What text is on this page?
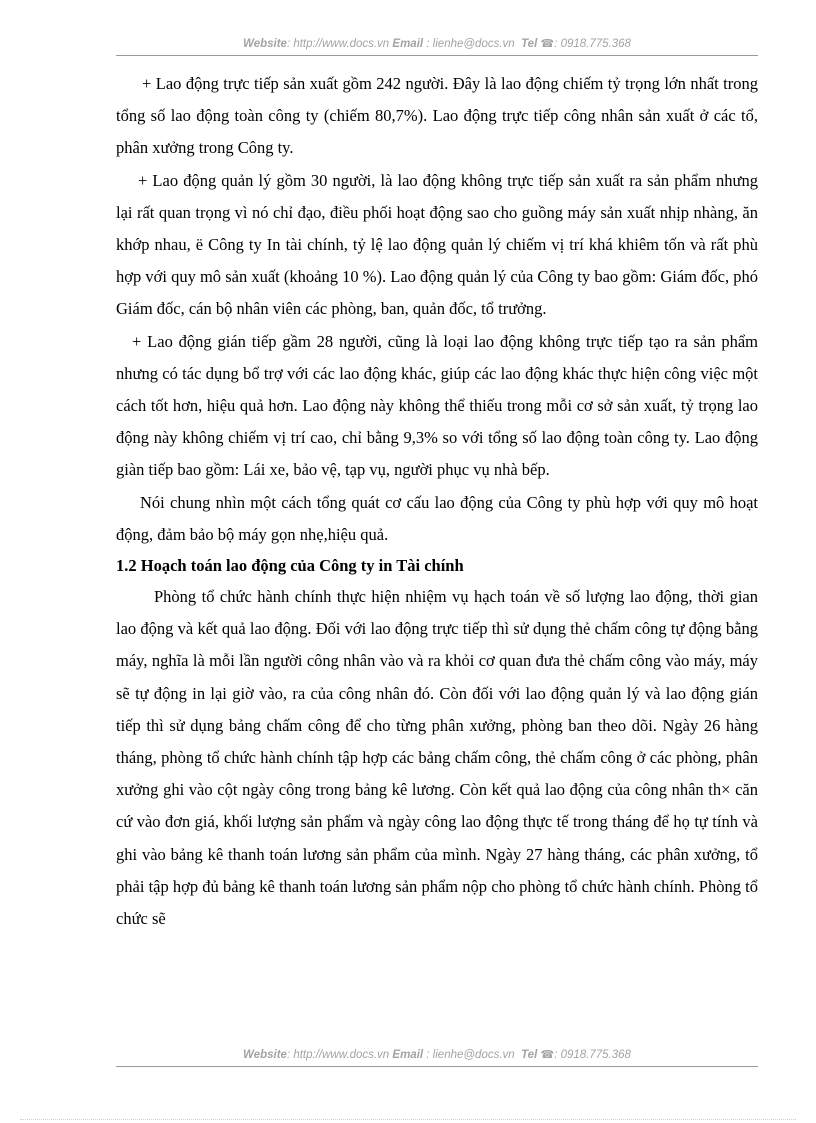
Website: http://www.docs.vn Email : lienhe@docs.vn Tel ☎: 0918.775.368

+ Lao động trực tiếp sản xuất gồm 242 người. Đây là lao động chiếm tỷ trọng lớn nhất trong tổng số lao động toàn công ty (chiếm 80,7%). Lao động trực tiếp công nhân sản xuất ở các tổ, phân xưởng trong Công ty.

+ Lao động quản lý gồm 30 người, là lao động không trực tiếp sản xuất ra sản phẩm nhưng lại rất quan trọng vì nó chỉ đạo, điều phối hoạt động sao cho guồng máy sản xuất nhịp nhàng, ăn khớp nhau, ë Công ty In tài chính, tỷ lệ lao động quản lý chiếm vị trí khá khiêm tốn và rất phù hợp với quy mô sản xuất (khoảng 10 %). Lao động quản lý của Công ty bao gồm: Giám đốc, phó Giám đốc, cán bộ nhân viên các phòng, ban, quản đốc, tổ trưởng.

+ Lao động gián tiếp gầm 28 người, cũng là loại lao động không trực tiếp tạo ra sản phẩm nhưng có tác dụng bổ trợ với các lao động khác, giúp các lao động khác thực hiện công việc một cách tốt hơn, hiệu quả hơn. Lao động này không thể thiếu trong mỗi cơ sở sản xuất, tỷ trọng lao động này không chiếm vị trí cao, chỉ bằng 9,3% so với tổng số lao động toàn công ty. Lao động giàn tiếp bao gồm: Lái xe, bảo vệ, tạp vụ, người phục vụ nhà bếp.

Nói chung nhìn một cách tổng quát cơ cấu lao động của Công ty phù hợp với quy mô hoạt động, đảm bảo bộ máy gọn nhẹ,hiệu quả.

1.2 Hoạch toán lao động của Công ty in Tài chính

Phòng tổ chức hành chính thực hiện nhiệm vụ hạch toán về số lượng lao động, thời gian lao động và kết quả lao động. Đối với lao động trực tiếp thì sử dụng thẻ chấm công tự động bằng máy, nghĩa là mỗi lần người công nhân vào và ra khỏi cơ quan đưa thẻ chấm công vào máy, máy sẽ tự động in lại giờ vào, ra của công nhân đó. Còn đối với lao động quản lý và lao động gián tiếp thì sử dụng bảng chấm công để cho từng phân xưởng, phòng ban theo dõi. Ngày 26 hàng tháng, phòng tổ chức hành chính tập hợp các bảng chấm công, thẻ chấm công ở các phòng, phân xưởng ghi vào cột ngày công trong bảng kê lương. Còn kết quả lao động của công nhân th× căn cứ vào đơn giá, khối lượng sản phẩm và ngày công lao động thực tế trong tháng để họ tự tính và ghi vào bảng kê thanh toán lương sản phẩm của mình. Ngày 27 hàng tháng, các phân xưởng, tổ phải tập hợp đủ bảng kê thanh toán lương sản phẩm nộp cho phòng tổ chức hành chính. Phòng tổ chức sẽ

Website: http://www.docs.vn Email : lienhe@docs.vn Tel ☎: 0918.775.368
